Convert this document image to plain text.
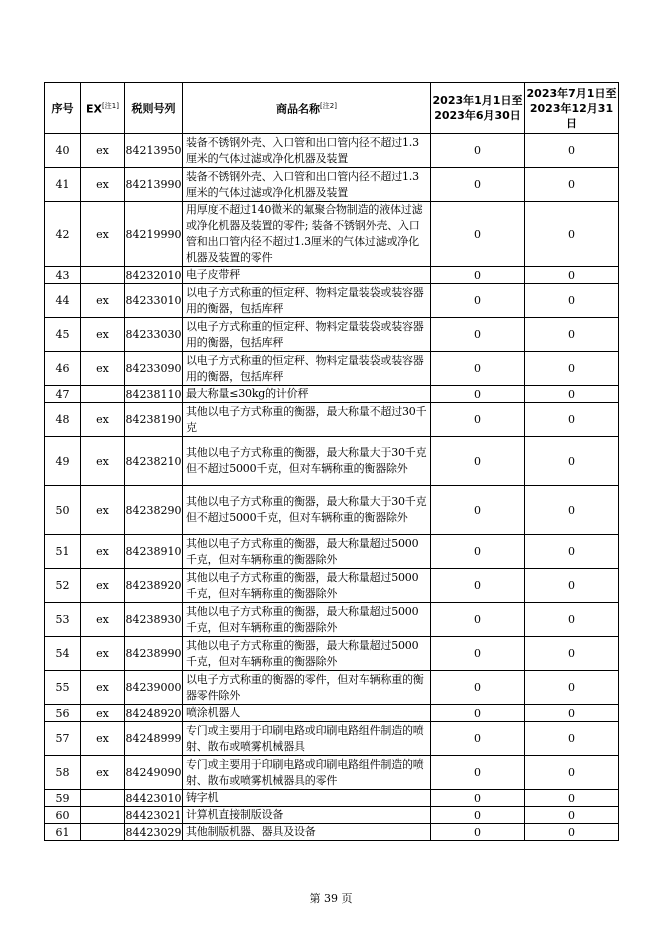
序号	EX[注1]	税则号列	商品名称[注2]	2023年1月1日至2023年6月30日	2023年7月1日至2023年12月31日
40	ex	84213950	装备不锈钢外壳、入口管和出口管内径不超过1.3厘米的气体过滤或净化机器及装置	0	0
41	ex	84213990	装备不锈钢外壳、入口管和出口管内径不超过1.3厘米的气体过滤或净化机器及装置	0	0
42	ex	84219990	用厚度不超过140微米的氟聚合物制造的液体过滤或净化机器及装置的零件; 装备不锈钢外壳、入口管和出口管内径不超过1.3厘米的气体过滤或净化机器及装置的零件	0	0
43		84232010	电子皮带秤	0	0
44	ex	84233010	以电子方式称重的恒定秤、物料定量装袋或装容器用的衡器，包括库秤	0	0
45	ex	84233030	以电子方式称重的恒定秤、物料定量装袋或装容器用的衡器，包括库秤	0	0
46	ex	84233090	以电子方式称重的恒定秤、物料定量装袋或装容器用的衡器，包括库秤	0	0
47		84238110	最大称量≤30kg的计价秤	0	0
48	ex	84238190	其他以电子方式称重的衡器，最大称量不超过30千克	0	0
49	ex	84238210	其他以电子方式称重的衡器，最大称量大于30千克但不超过5000千克，但对车辆称重的衡器除外	0	0
50	ex	84238290	其他以电子方式称重的衡器，最大称量大于30千克但不超过5000千克，但对车辆称重的衡器除外	0	0
51	ex	84238910	其他以电子方式称重的衡器，最大称量超过5000千克，但对车辆称重的衡器除外	0	0
52	ex	84238920	其他以电子方式称重的衡器，最大称量超过5000千克，但对车辆称重的衡器除外	0	0
53	ex	84238930	其他以电子方式称重的衡器，最大称量超过5000千克，但对车辆称重的衡器除外	0	0
54	ex	84238990	其他以电子方式称重的衡器，最大称量超过5000千克，但对车辆称重的衡器除外	0	0
55	ex	84239000	以电子方式称重的衡器的零件，但对车辆称重的衡器零件除外	0	0
56	ex	84248920	喷涂机器人	0	0
57	ex	84248999	专门或主要用于印刷电路或印刷电路组件制造的喷射、散布或喷雾机械器具	0	0
58	ex	84249090	专门或主要用于印刷电路或印刷电路组件制造的喷射、散布或喷雾机械器具的零件	0	0
59		84423010	铸字机	0	0
60		84423021	计算机直接制版设备	0	0
61		84423029	其他制版机器、器具及设备	0	0
第 39 页
